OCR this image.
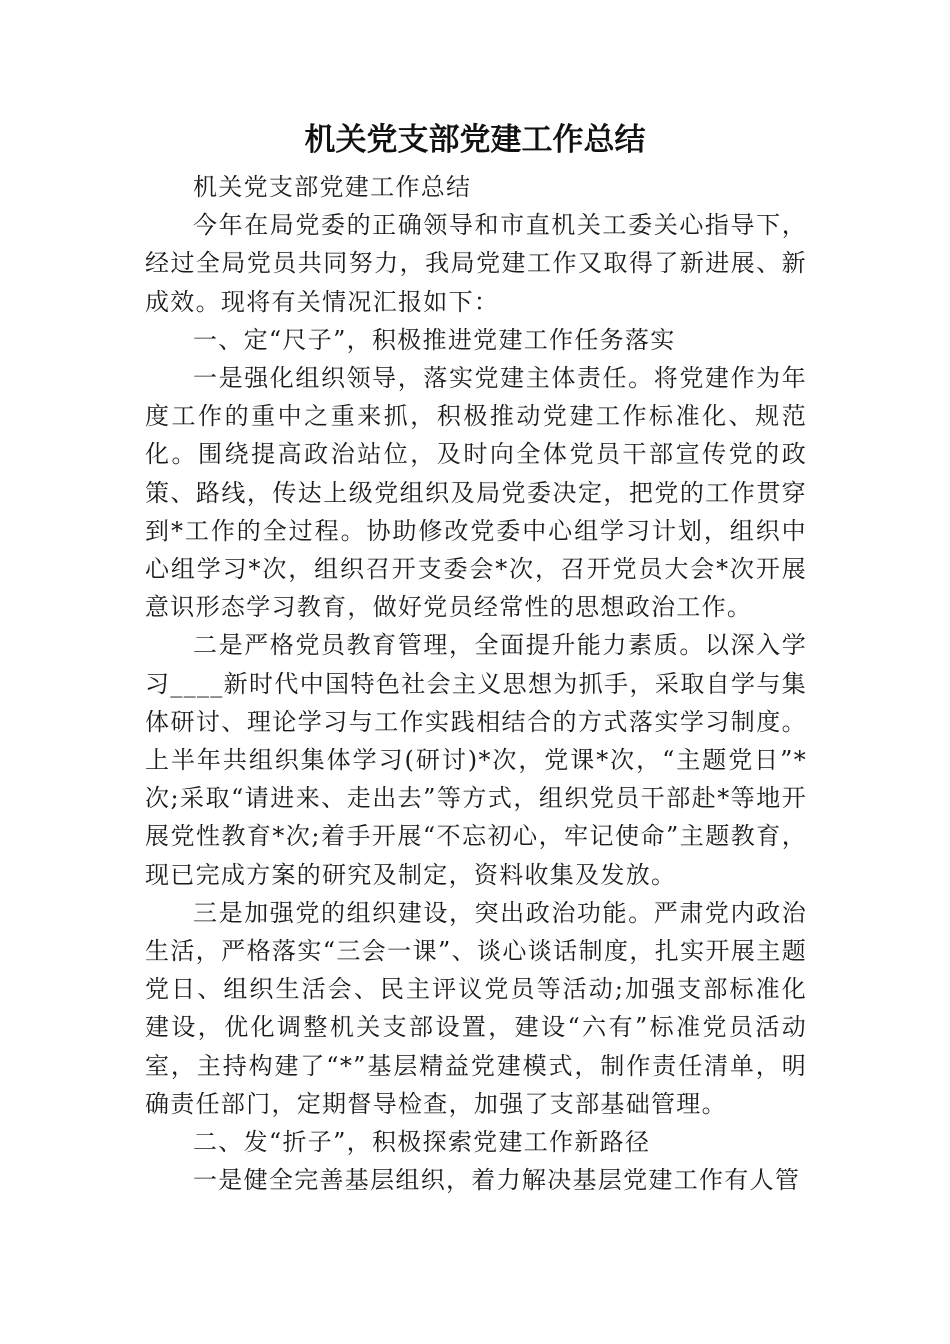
机关党支部党建工作总结

机关党支部党建工作总结

今年在局党委的正确领导和市直机关工委关心指导下，经过全局党员共同努力，我局党建工作又取得了新进展、新成效。现将有关情况汇报如下：

一、定“尺子”，积极推进党建工作任务落实

一是强化组织领导，落实党建主体责任。将党建作为年度工作的重中之重来抓，积极推动党建工作标准化、规范化。围绕提高政治站位，及时向全体党员干部宣传党的政策、路线，传达上级党组织及局党委决定，把党的工作贯穿到*工作的全过程。协助修改党委中心组学习计划，组织中心组学习*次，组织召开支委会*次，召开党员大会*次开展意识形态学习教育，做好党员经常性的思想政治工作。

二是严格党员教育管理，全面提升能力素质。以深入学习____新时代中国特色社会主义思想为抓手，采取自学与集体研讨、理论学习与工作实践相结合的方式落实学习制度。上半年共组织集体学习(研讨)*次，党课*次，“主题党日”*次;采取“请进来、走出去”等方式，组织党员干部赴*等地开展党性教育*次;着手开展“不忘初心，牢记使命”主题教育，现已完成方案的研究及制定，资料收集及发放。

三是加强党的组织建设，突出政治功能。严肃党内政治生活，严格落实“三会一课”、谈心谈话制度，扎实开展主题党日、组织生活会、民主评议党员等活动;加强支部标准化建设，优化调整机关支部设置，建设“六有”标准党员活动室，主持构建了“*”基层精益党建模式，制作责任清单，明确责任部门，定期督导检查，加强了支部基础管理。

二、发“折子”，积极探索党建工作新路径

一是健全完善基层组织，着力解决基层党建工作有人管
